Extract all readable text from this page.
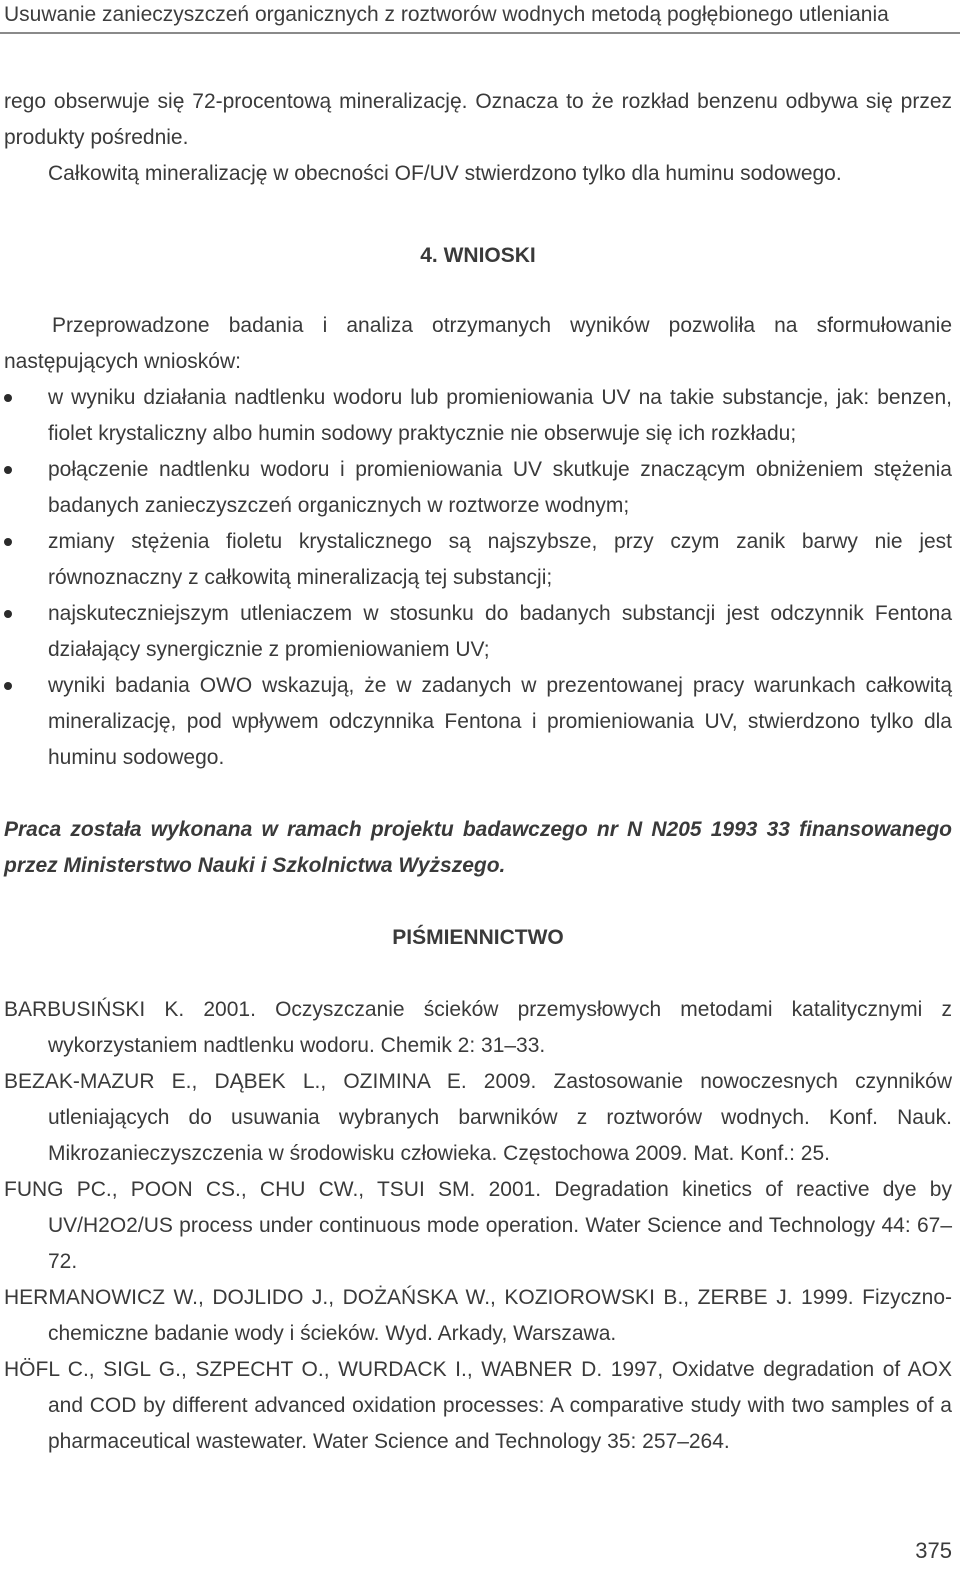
Usuwanie zanieczyszczeń organicznych z roztworów wodnych metodą pogłębionego utleniania

rego obserwuje się 72-procentową mineralizację. Oznacza to że rozkład benzenu odbywa się przez produkty pośrednie.

Całkowitą mineralizację w obecności OF/UV stwierdzono tylko dla huminu sodowego.

4. WNIOSKI

Przeprowadzone badania i analiza otrzymanych wyników pozwoliła na sformułowanie następujących wniosków:

w wyniku działania nadtlenku wodoru lub promieniowania UV na takie substancje, jak: benzen, fiolet krystaliczny albo humin sodowy praktycznie nie obserwuje się ich rozkładu;
połączenie nadtlenku wodoru i promieniowania UV skutkuje znaczącym obniżeniem stężenia badanych zanieczyszczeń organicznych w roztworze wodnym;
zmiany stężenia fioletu krystalicznego są najszybsze, przy czym zanik barwy nie jest równoznaczny z całkowitą mineralizacją tej substancji;
najskuteczniejszym utleniaczem w stosunku do badanych substancji jest odczynnik Fentona działający synergicznie z promieniowaniem UV;
wyniki badania OWO wskazują, że w zadanych w prezentowanej pracy warunkach całkowitą mineralizację, pod wpływem odczynnika Fentona i promieniowania UV, stwierdzono tylko dla huminu sodowego.

Praca została wykonana w ramach projektu badawczego nr N N205 1993 33 finansowanego przez Ministerstwo Nauki i Szkolnictwa Wyższego.

PIŚMIENNICTWO

BARBUSIŃSKI K. 2001. Oczyszczanie ścieków przemysłowych metodami katalitycznymi z wykorzystaniem nadtlenku wodoru. Chemik 2: 31–33.

BEZAK-MAZUR E., DĄBEK L., OZIMINA E. 2009. Zastosowanie nowoczesnych czynników utleniających do usuwania wybranych barwników z roztworów wodnych. Konf. Nauk. Mikrozanieczyszczenia w środowisku człowieka. Częstochowa 2009. Mat. Konf.: 25.

FUNG PC., POON CS., CHU CW., TSUI SM. 2001. Degradation kinetics of reactive dye by UV/H2O2/US process under continuous mode operation. Water Science and Technology 44: 67–72.

HERMANOWICZ W., DOJLIDO J., DOŻAŃSKA W., KOZIOROWSKI B., ZERBE J. 1999. Fizyczno-chemiczne badanie wody i ścieków. Wyd. Arkady, Warszawa.

HÖFL C., SIGL G., SZPECHT O., WURDACK I., WABNER D. 1997, Oxidatve degradation of AOX and COD by different advanced oxidation processes: A comparative study with two samples of a pharmaceutical wastewater. Water Science and Technology 35: 257–264.

375
